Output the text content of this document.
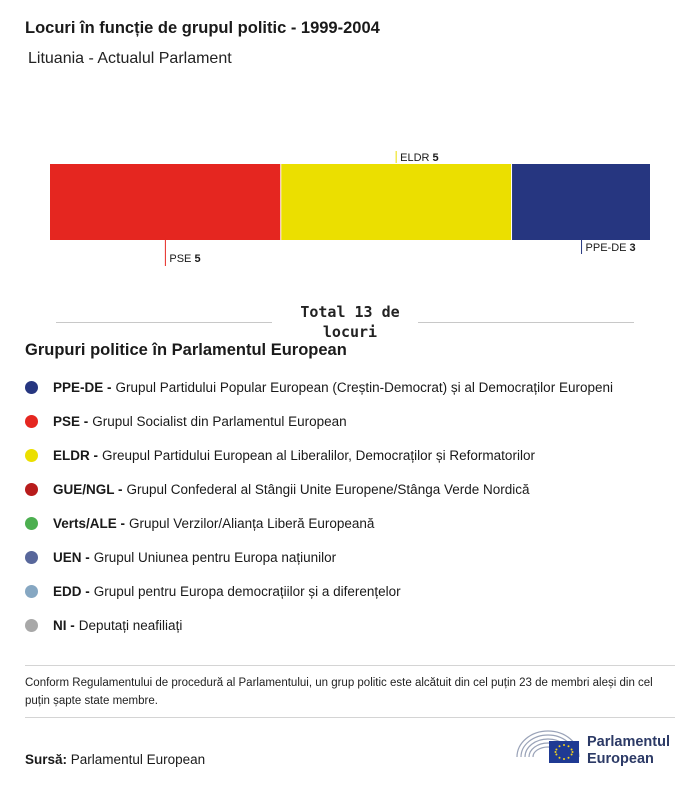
Locuri în funcție de grupul politic - 1999-2004
Lituania - Actualul Parlament
PSE 5
ELDR 5
PPE-DE 3
Total 13 de locuri
Grupuri politice în Parlamentul European
PPE-DE - Grupul Partidului Popular European (Creștin-Democrat) și al Democraților Europeni
PSE - Grupul Socialist din Parlamentul European
ELDR - Greupul Partidului European al Liberalilor, Democraților și Reformatorilor
GUE/NGL - Grupul Confederal al Stângii Unite Europene/Stânga Verde Nordică
Verts/ALE - Grupul Verzilor/Alianța Liberă Europeană
UEN - Grupul Uniunea pentru Europa națiunilor
EDD - Grupul pentru Europa democrațiilor și a diferențelor
NI - Deputați neafiliați
Conform Regulamentului de procedură al Parlamentului, un grup politic este alcătuit din cel puțin 23 de membri aleși din cel puțin șapte state membre.
Sursă: Parlamentul European
Parlamentul
European
